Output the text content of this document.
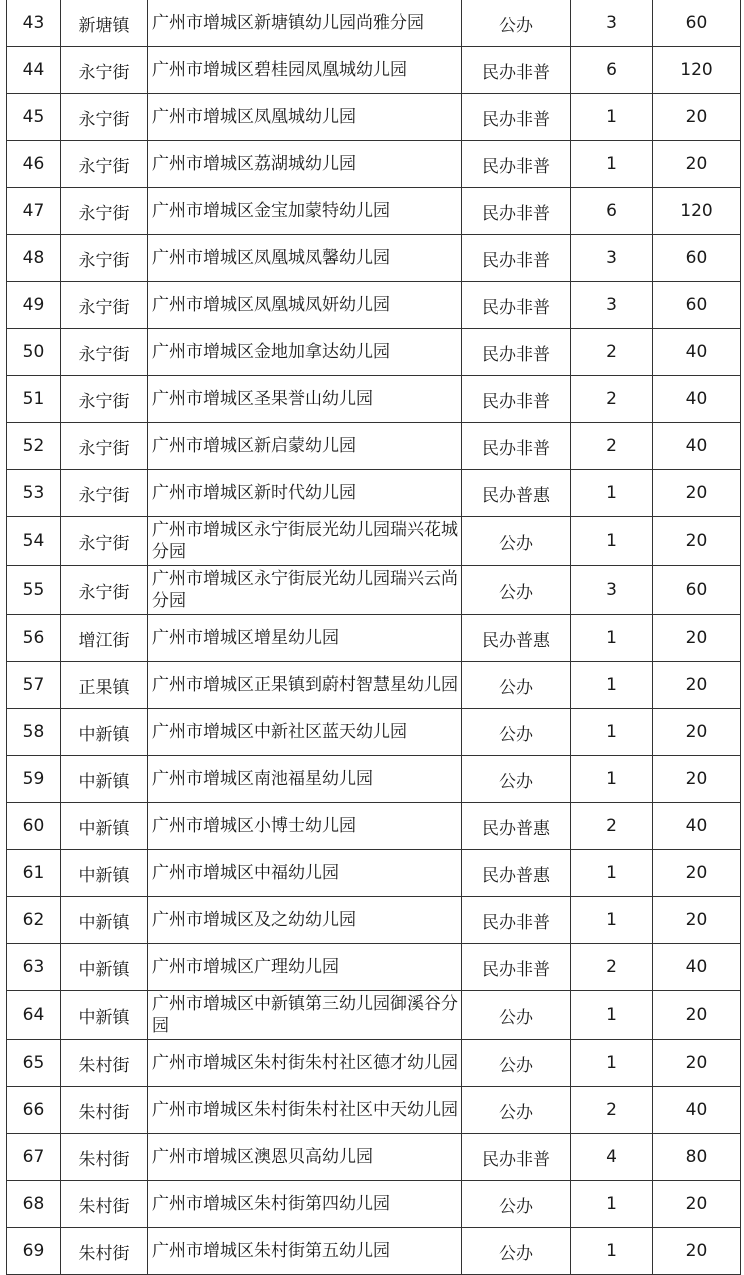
43	新塘镇	广州市增城区新塘镇幼儿园尚雅分园	公办	3	60
44	永宁街	广州市增城区碧桂园凤凰城幼儿园	民办非普	6	120
45	永宁街	广州市增城区凤凰城幼儿园	民办非普	1	20
46	永宁街	广州市增城区荔湖城幼儿园	民办非普	1	20
47	永宁街	广州市增城区金宝加蒙特幼儿园	民办非普	6	120
48	永宁街	广州市增城区凤凰城凤馨幼儿园	民办非普	3	60
49	永宁街	广州市增城区凤凰城凤妍幼儿园	民办非普	3	60
50	永宁街	广州市增城区金地加拿达幼儿园	民办非普	2	40
51	永宁街	广州市增城区圣果誉山幼儿园	民办非普	2	40
52	永宁街	广州市增城区新启蒙幼儿园	民办非普	2	40
53	永宁街	广州市增城区新时代幼儿园	民办普惠	1	20
54	永宁街	广州市增城区永宁街辰光幼儿园瑞兴花城分园	公办	1	20
55	永宁街	广州市增城区永宁街辰光幼儿园瑞兴云尚分园	公办	3	60
56	增江街	广州市增城区增星幼儿园	民办普惠	1	20
57	正果镇	广州市增城区正果镇到蔚村智慧星幼儿园	公办	1	20
58	中新镇	广州市增城区中新社区蓝天幼儿园	公办	1	20
59	中新镇	广州市增城区南池福星幼儿园	公办	1	20
60	中新镇	广州市增城区小博士幼儿园	民办普惠	2	40
61	中新镇	广州市增城区中福幼儿园	民办普惠	1	20
62	中新镇	广州市增城区及之幼幼儿园	民办非普	1	20
63	中新镇	广州市增城区广理幼儿园	民办非普	2	40
64	中新镇	广州市增城区中新镇第三幼儿园御溪谷分园	公办	1	20
65	朱村街	广州市增城区朱村街朱村社区德才幼儿园	公办	1	20
66	朱村街	广州市增城区朱村街朱村社区中天幼儿园	公办	2	40
67	朱村街	广州市增城区澳恩贝高幼儿园	民办非普	4	80
68	朱村街	广州市增城区朱村街第四幼儿园	公办	1	20
69	朱村街	广州市增城区朱村街第五幼儿园	公办	1	20
